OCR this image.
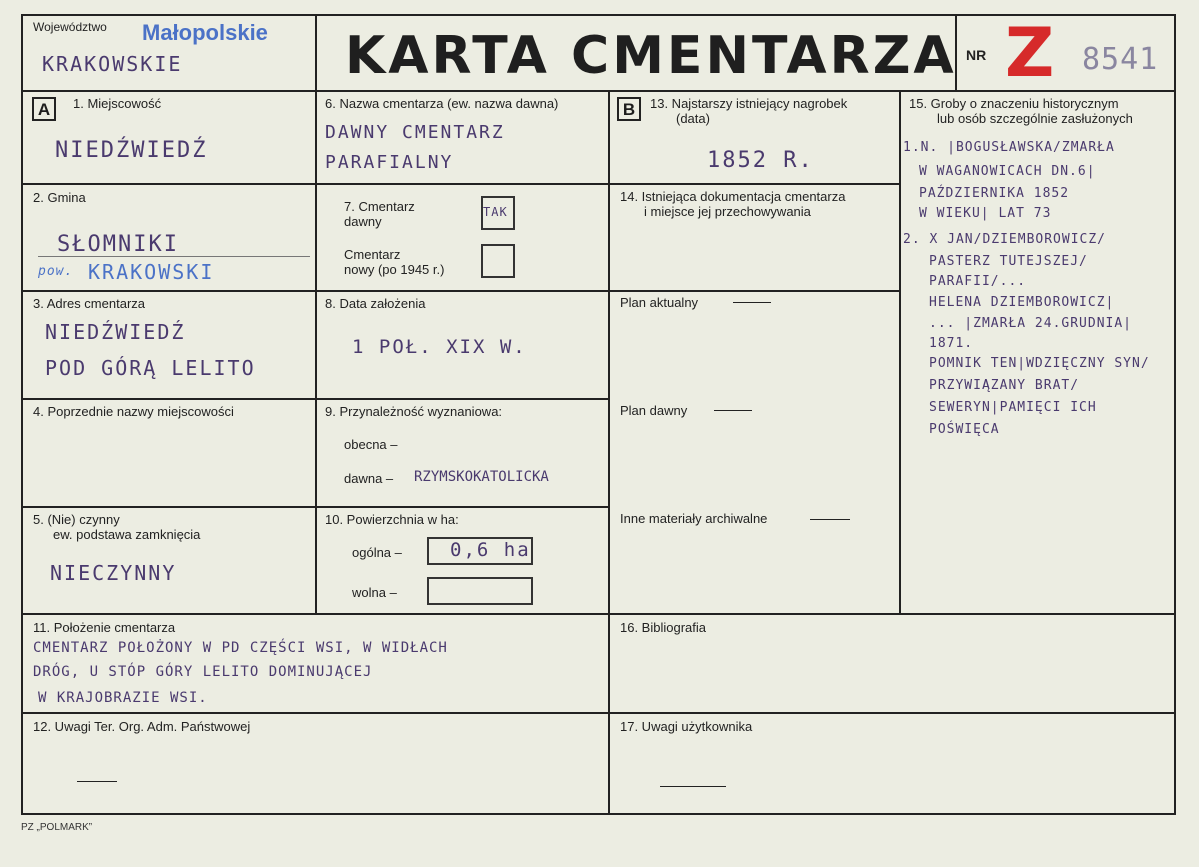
Województwo Małopolskie
KRAKOWSKIE	KARTA CMENTARZA NR Z 8541
A	1. Miejscowość
NIEDŹWIEDŹ
2. Gmina
SŁOMNIKI
pow. KRAKOWSKI
3. Adres cmentarza
NIEDŹWIEDŹ
POD GÓRĄ LELITO
4. Poprzednie nazwy miejscowości
5. (Nie) czynny
ew. podstawa zamknięcia
NIECZYNNY
6. Nazwa cmentarza (ew. nazwa dawna)
DAWNY CMENTARZ
PARAFIALNY
7. Cmentarz
dawny
TAK
Cmentarz
nowy (po 1945 r.)
8. Data założenia
1 POŁ. XIX W.
9. Przynależność wyznaniowa:
obecna –
dawna – RZYMSKOKATOLICKA
10. Powierzchnia w ha:
ogólna –	0,6 ha
wolna –
B	13. Najstarszy istniejący nagrobek
(data)
1852 R.
14. Istniejąca dokumentacja cmentarza
i miejsce jej przechowywania
Plan aktualny
Plan dawny
Inne materiały archiwalne
15. Groby o znaczeniu historycznym
lub osób szczególnie zasłużonych
1.N. |BOGUSŁAWSKA/ZMARŁA
W WAGANOWICACH DN.6|
PAŹDZIERNIKA 1852
W WIEKU| LAT 73
2. X JAN/DZIEMBOROWICZ/
PASTERZ TUTEJSZEJ/
PARAFII/...
HELENA DZIEMBOROWICZ|
... |ZMARŁA 24.GRUDNIA|
1871.
POMNIK TEN|WDZIĘCZNY SYN/
PRZYWIĄZANY BRAT/
SEWERYN|PAMIĘCI ICH
POŚWIĘCA
11. Położenie cmentarza
CMENTARZ POŁOŻONY W PD CZĘŚCI WSI, W WIDŁACH
DRÓG, U STÓP GÓRY LELITO DOMINUJĄCEJ
W KRAJOBRAZIE WSI.
16. Bibliografia
12. Uwagi Ter. Org. Adm. Państwowej	17. Uwagi użytkownika
PZ „POLMARK”
